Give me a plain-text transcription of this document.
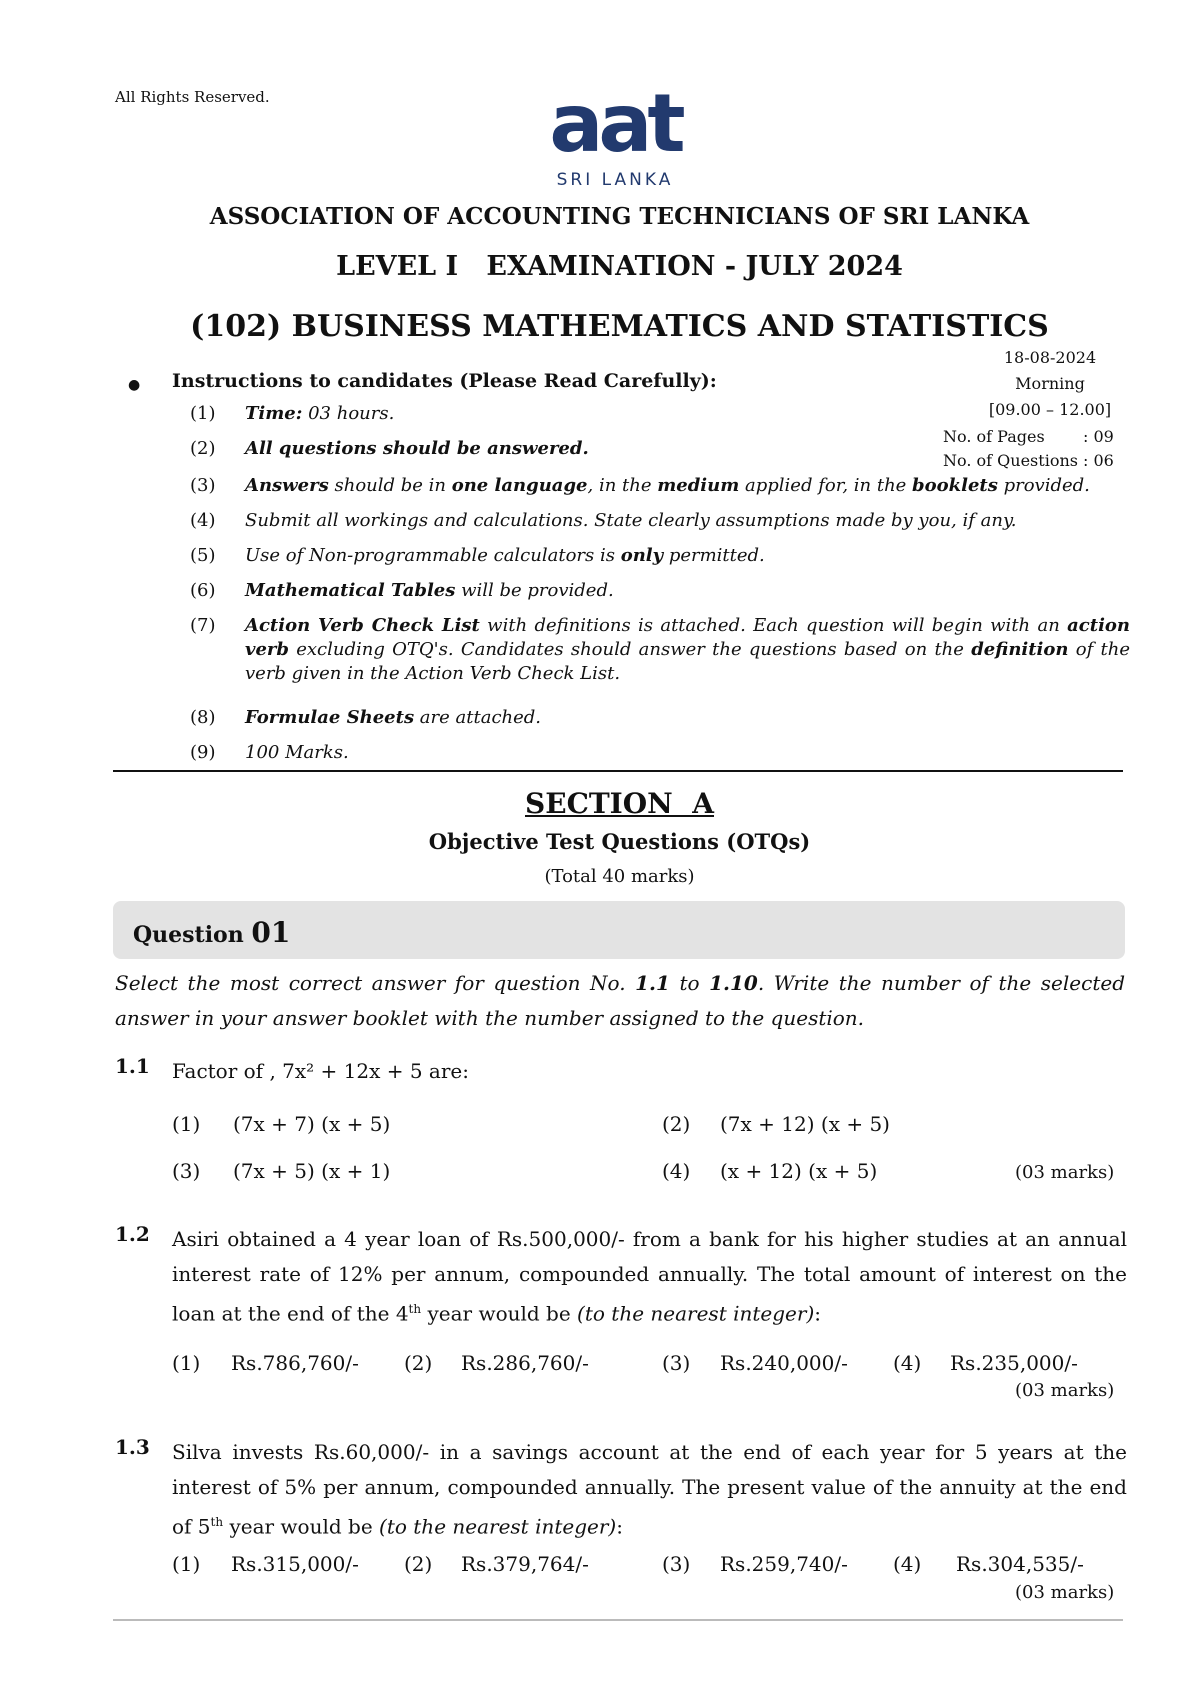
All Rights Reserved.	aat
SRI LANKA
ASSOCIATION OF ACCOUNTING TECHNICIANS OF SRI LANKA
LEVEL I   EXAMINATION - JULY 2024
(102) BUSINESS MATHEMATICS AND STATISTICS
18-08-2024
Morning
[09.00 – 12.00]
No. of Pages : 09
No. of Questions : 06
● Instructions to candidates (Please Read Carefully):
(1) Time: 03 hours.
(2) All questions should be answered.
(3) Answers should be in one language, in the medium applied for, in the booklets provided.
(4) Submit all workings and calculations. State clearly assumptions made by you, if any.
(5) Use of Non-programmable calculators is only permitted.
(6) Mathematical Tables will be provided.
(7) Action Verb Check List with definitions is attached. Each question will begin with an action verb excluding OTQ's. Candidates should answer the questions based on the definition of the verb given in the Action Verb Check List.
(8) Formulae Sheets are attached.
(9) 100 Marks.
SECTION  A
Objective Test Questions (OTQs)
(Total 40 marks)
Question 01
Select the most correct answer for question No. 1.1 to 1.10. Write the number of the selected answer in your answer booklet with the number assigned to the question.
1.1 Factor of , 7x² + 12x + 5 are:
(1) (7x + 7) (x + 5)	(2) (7x + 12) (x + 5)
(3) (7x + 5) (x + 1)	(4) (x + 12) (x + 5)	(03 marks)
1.2 Asiri obtained a 4 year loan of Rs.500,000/- from a bank for his higher studies at an annual interest rate of 12% per annum, compounded annually. The total amount of interest on the loan at the end of the 4th year would be (to the nearest integer):
(1) Rs.786,760/- (2) Rs.286,760/-	(3) Rs.240,000/- (4) Rs.235,000/-
(03 marks)
1.3 Silva invests Rs.60,000/- in a savings account at the end of each year for 5 years at the interest of 5% per annum, compounded annually. The present value of the annuity at the end of 5th year would be (to the nearest integer):
(1) Rs.315,000/- (2) Rs.379,764/-	(3) Rs.259,740/- (4) Rs.304,535/-
(03 marks)
